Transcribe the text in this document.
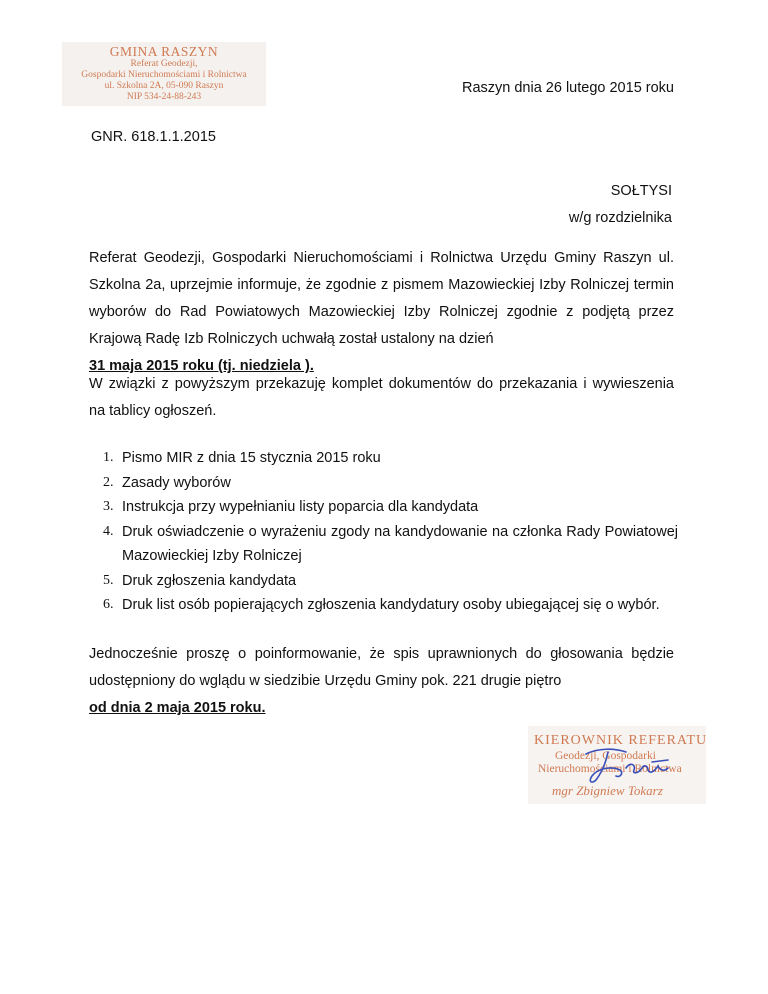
GMINA RASZYN
Referat Geodezji,
Gospodarki Nieruchomościami i Rolnictwa
ul. Szkolna 2A, 05-090 Raszyn
NIP 534-24-88-243
Raszyn dnia 26 lutego 2015 roku
GNR. 618.1.1.2015
SOŁTYSI
w/g rozdzielnika
Referat Geodezji, Gospodarki Nieruchomościami i Rolnictwa Urzędu Gminy Raszyn ul. Szkolna 2a, uprzejmie informuje, że zgodnie z pismem Mazowieckiej Izby Rolniczej termin wyborów do Rad Powiatowych Mazowieckiej Izby Rolniczej zgodnie z podjętą przez Krajową Radę Izb Rolniczych uchwałą został ustalony na dzień
31 maja 2015 roku (tj. niedziela ).
W związki z powyższym przekazuję komplet dokumentów do przekazania i wywieszenia na tablicy ogłoszeń.
1. Pismo MIR z dnia 15 stycznia 2015 roku
2. Zasady wyborów
3. Instrukcja przy wypełnianiu listy poparcia dla kandydata
4. Druk oświadczenie o wyrażeniu zgody na kandydowanie na członka Rady Powiatowej Mazowieckiej Izby Rolniczej
5. Druk zgłoszenia kandydata
6. Druk list osób popierających zgłoszenia kandydatury osoby ubiegającej się o wybór.
Jednocześnie proszę o poinformowanie, że spis uprawnionych do głosowania będzie udostępniony do wglądu w siedzibie Urzędu Gminy pok. 221 drugie piętro
od dnia 2 maja 2015 roku.
KIEROWNIK REFERATU
Geodezji, Gospodarki
Nieruchomościami i Rolnictwa
mgr Zbigniew Tokarz
